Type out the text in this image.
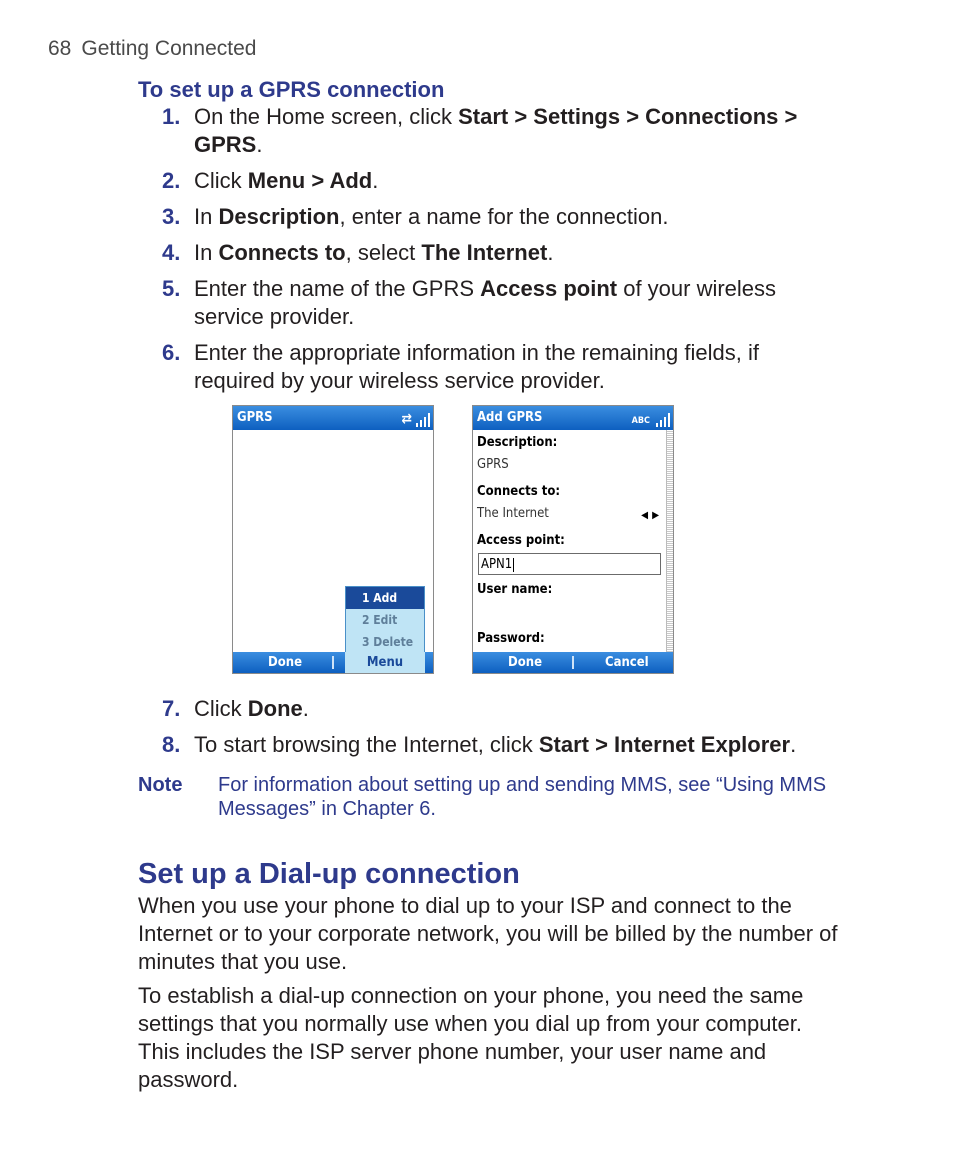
68 Getting Connected
To set up a GPRS connection
1. On the Home screen, click Start > Settings > Connections > GPRS.
2. Click Menu > Add.
3. In Description, enter a name for the connection.
4. In Connects to, select The Internet.
5. Enter the name of the GPRS Access point of your wireless service provider.
6. Enter the appropriate information in the remaining fields, if required by your wireless service provider.
GPRS	⇄
1 Add
2 Edit
3 Delete
Done	Menu
Add GPRS	ABC
Description:
GPRS
Connects to:
The Internet	◀▶
Access point:
APN1
User name:
Password:
Done	Cancel
7. Click Done.
8. To start browsing the Internet, click Start > Internet Explorer.
Note For information about setting up and sending MMS, see “Using MMS Messages” in Chapter 6.
Set up a Dial-up connection

When you use your phone to dial up to your ISP and connect to the Internet or to your corporate network, you will be billed by the number of minutes that you use.

To establish a dial-up connection on your phone, you need the same settings that you normally use when you dial up from your computer. This includes the ISP server phone number, your user name and password.
